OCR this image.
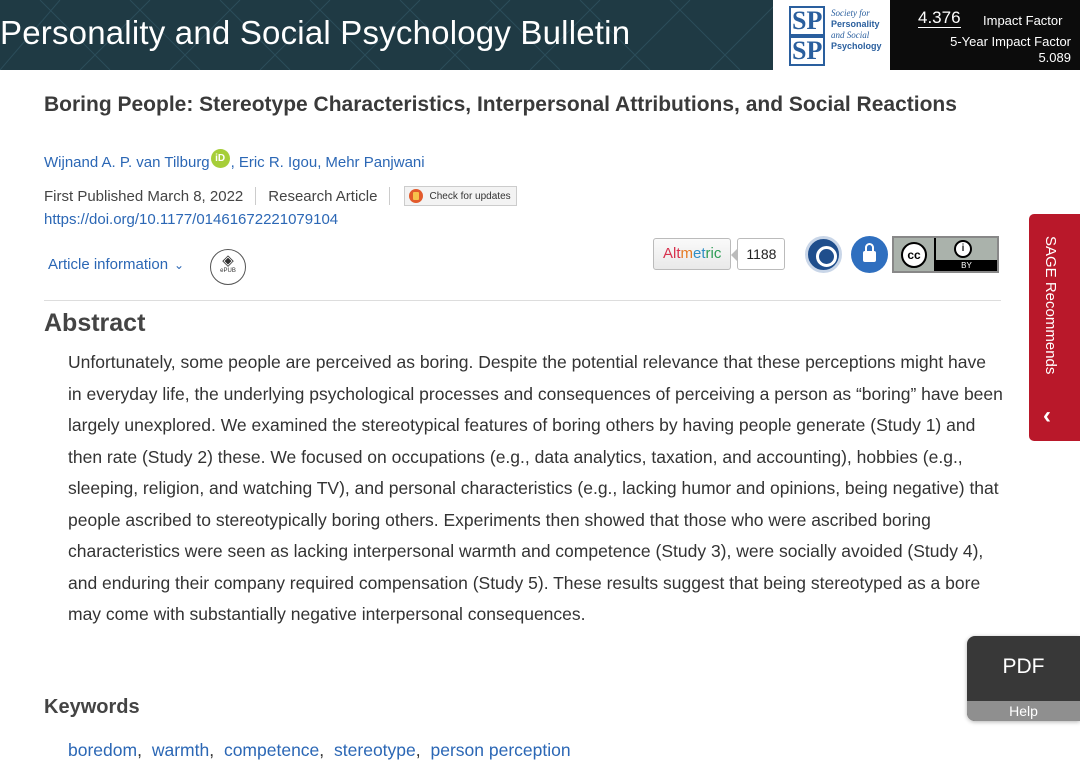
Personality and Social Psychology Bulletin	SP
SP
Society for
Personality
and Social
Psychology
4.376 Impact Factor
5-Year Impact Factor
5.089
Boring People: Stereotype Characteristics, Interpersonal Attributions, and Social Reactions
Wijnand A. P. van Tilburg iD , Eric R. Igou , Mehr Panjwani
First Published March 8, 2022 Research Article	Check for updates
https://doi.org/10.1177/01461672221079104
Article information ⌄	◈
ePUB
Altmetric	1188	cc	i
BY
Abstract

Unfortunately, some people are perceived as boring. Despite the potential relevance that these perceptions might have in everyday life, the underlying psychological processes and consequences of perceiving a person as “boring” have been largely unexplored. We examined the stereotypical features of boring others by having people generate (Study 1) and then rate (Study 2) these. We focused on occupations (e.g., data analytics, taxation, and accounting), hobbies (e.g., sleeping, religion, and watching TV), and personal characteristics (e.g., lacking humor and opinions, being negative) that people ascribed to stereotypically boring others. Experiments then showed that those who were ascribed boring characteristics were seen as lacking interpersonal warmth and competence (Study 3), were socially avoided (Study 4), and enduring their company required compensation (Study 5). These results suggest that being stereotyped as a bore may come with substantially negative interpersonal consequences.

Keywords
boredom, warmth, competence, stereotype, person perception
SAGE Recommends
‹
PDF
Help
